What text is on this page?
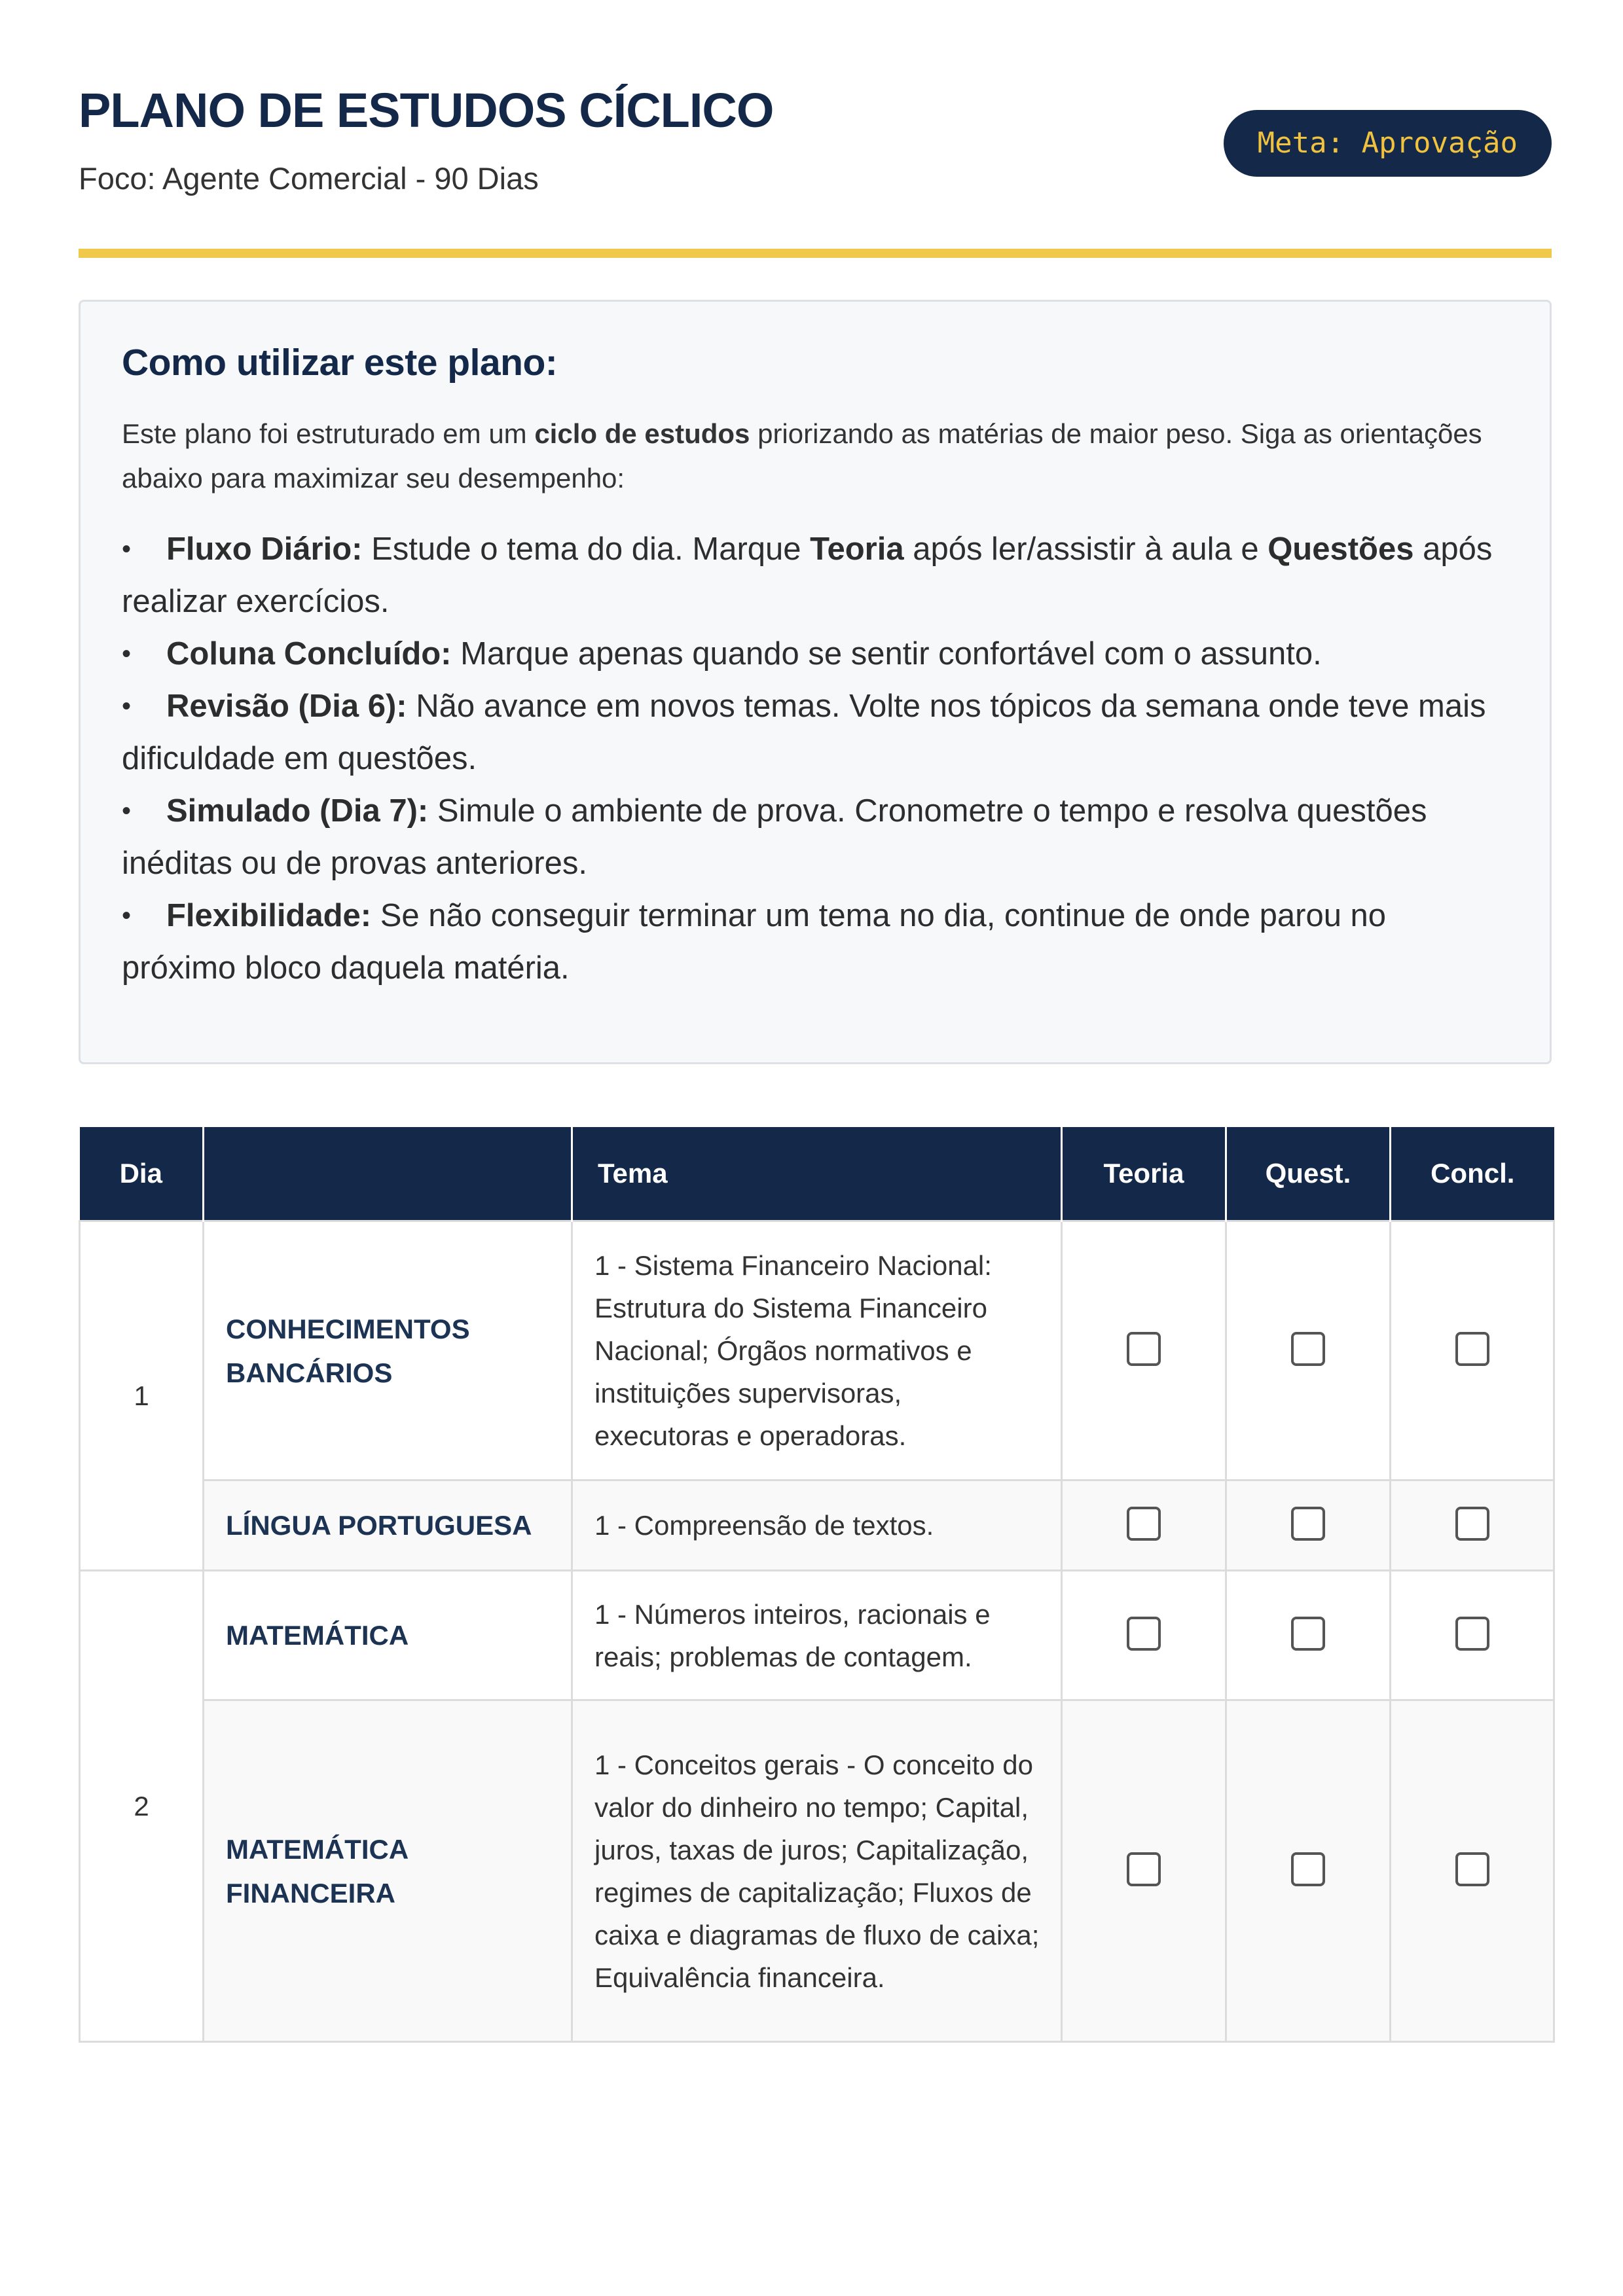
PLANO DE ESTUDOS CÍCLICO

Foco: Agente Comercial - 90 Dias

Meta: Aprovação
Como utilizar este plano:

Este plano foi estruturado em um ciclo de estudos priorizando as matérias de maior peso. Siga as orientações abaixo para maximizar seu desempenho:

• Fluxo Diário: Estude o tema do dia. Marque Teoria após ler/assistir à aula e Questões após realizar exercícios.
• Coluna Concluído: Marque apenas quando se sentir confortável com o assunto.
• Revisão (Dia 6): Não avance em novos temas. Volte nos tópicos da semana onde teve mais dificuldade em questões.
• Simulado (Dia 7): Simule o ambiente de prova. Cronometre o tempo e resolva questões inéditas ou de provas anteriores.
• Flexibilidade: Se não conseguir terminar um tema no dia, continue de onde parou no próximo bloco daquela matéria.
Dia		Tema	Teoria	Quest.	Concl.
1	CONHECIMENTOS BANCÁRIOS	1 - Sistema Financeiro Nacional: Estrutura do Sistema Financeiro Nacional; Órgãos normativos e instituições supervisoras, executoras e operadoras.			
	LÍNGUA PORTUGUESA	1 - Compreensão de textos.			
2	MATEMÁTICA	1 - Números inteiros, racionais e reais; problemas de contagem.			
	MATEMÁTICA FINANCEIRA	1 - Conceitos gerais - O conceito do valor do dinheiro no tempo; Capital, juros, taxas de juros; Capitalização, regimes de capitalização; Fluxos de caixa e diagramas de fluxo de caixa; Equivalência financeira.			
